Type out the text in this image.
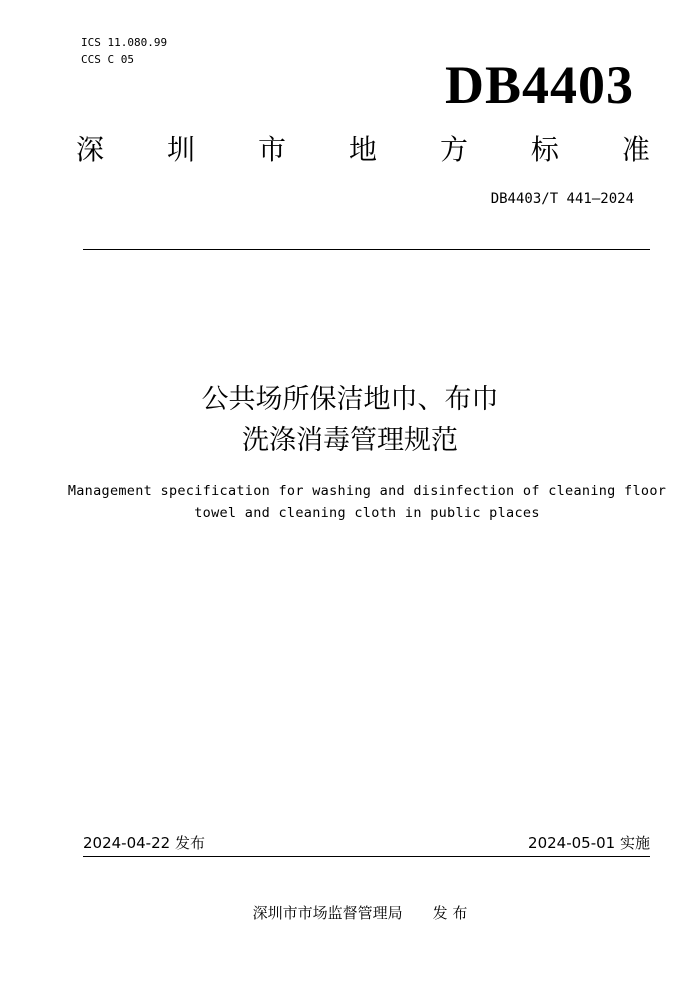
ICS 11.080.99
CCS C 05	DB4403
深 圳 市 地 方 标 准
DB4403/T 441—2024
公共场所保洁地巾、布巾
洗涤消毒管理规范
Management specification for washing and disinfection of cleaning floor
towel and cleaning cloth in public places
2024-04-22 发布	2024-05-01 实施
深圳市市场监督管理局 发 布
